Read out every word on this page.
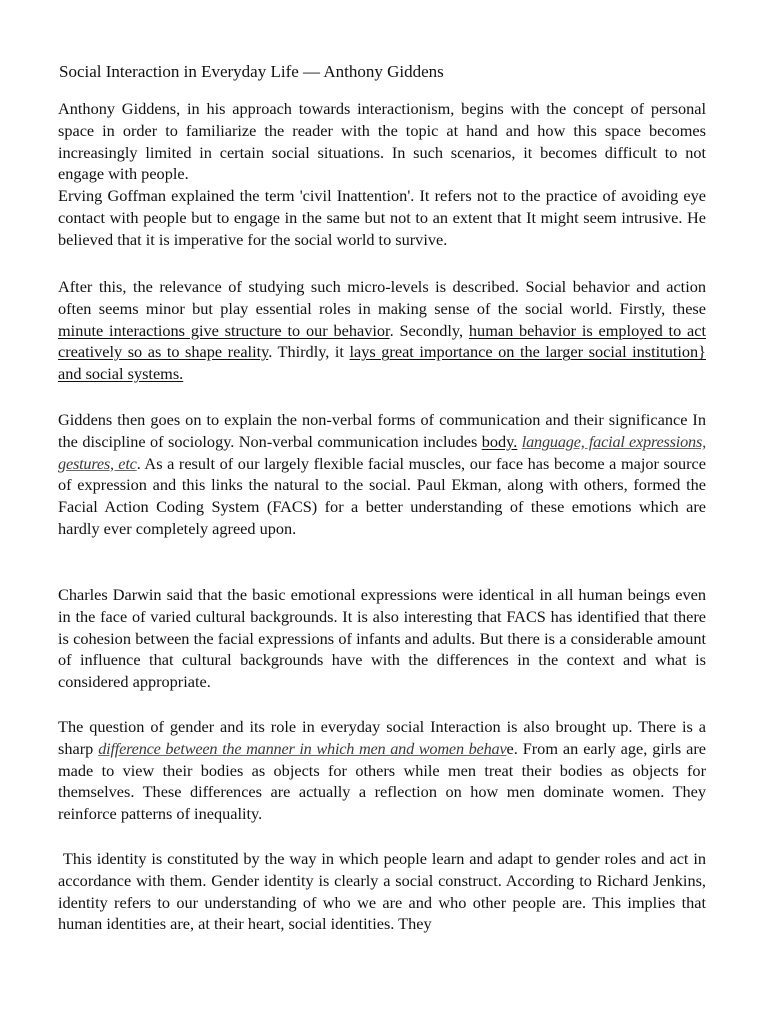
Social Interaction in Everyday Life — Anthony Giddens

Anthony Giddens, in his approach towards interactionism, begins with the concept of personal space in order to familiarize the reader with the topic at hand and how this space becomes increasingly limited in certain social situations. In such scenarios, it becomes difficult to not engage with people.

Erving Goffman explained the term 'civil Inattention'. It refers not to the practice of avoiding eye contact with people but to engage in the same but not to an extent that It might seem intrusive. He believed that it is imperative for the social world to survive.

After this, the relevance of studying such micro-levels is described. Social behavior and action often seems minor but play essential roles in making sense of the social world. Firstly, these minute interactions give structure to our behavior. Secondly, human behavior is employed to act creatively so as to shape reality. Thirdly, it lays great importance on the larger social institution} and social systems.

Giddens then goes on to explain the non-verbal forms of communication and their significance In the discipline of sociology. Non-verbal communication includes body. language, facial expressions, gestures, etc. As a result of our largely flexible facial muscles, our face has become a major source of expression and this links the natural to the social. Paul Ekman, along with others, formed the Facial Action Coding System (FACS) for a better understanding of these emotions which are hardly ever completely agreed upon.

Charles Darwin said that the basic emotional expressions were identical in all human beings even in the face of varied cultural backgrounds. It is also interesting that FACS has identified that there is cohesion between the facial expressions of infants and adults. But there is a considerable amount of influence that cultural backgrounds have with the differences in the context and what is considered appropriate.

The question of gender and its role in everyday social Interaction is also brought up. There is a sharp difference between the manner in which men and women behave. From an early age, girls are made to view their bodies as objects for others while men treat their bodies as objects for themselves. These differences are actually a reflection on how men dominate women. They reinforce patterns of inequality.

This identity is constituted by the way in which people learn and adapt to gender roles and act in accordance with them. Gender identity is clearly a social construct. According to Richard Jenkins, identity refers to our understanding of who we are and who other people are. This implies that human identities are, at their heart, social identities. They
